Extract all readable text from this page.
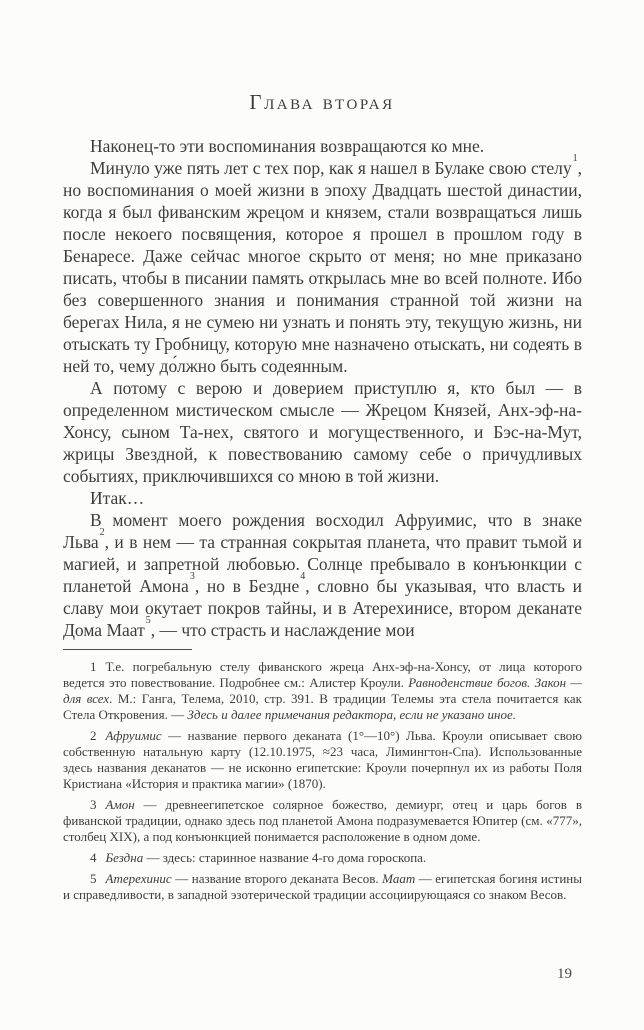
Глава вторая

Наконец-то эти воспоминания возвращаются ко мне.

Минуло уже пять лет с тех пор, как я нашел в Булаке свою стелу$^1$, но воспоминания о моей жизни в эпоху Двадцать шестой династии, когда я был фиванским жрецом и князем, стали возвращаться лишь после некоего посвящения, которое я прошел в прошлом году в Бенаресе. Даже сейчас многое скрыто от меня; но мне приказано писать, чтобы в писании память открылась мне во всей полноте. Ибо без совершенного знания и понимания странной той жизни на берегах Нила, я не сумею ни узнать и понять эту, текущую жизнь, ни отыскать ту Гробницу, которую мне назначено отыскать, ни содеять в ней то, чему до́лжно быть содеянным.

А потому с верою и доверием приступлю я, кто был — в определенном мистическом смысле — Жрецом Князей, Анх-эф-на-Хонсу, сыном Та-нех, святого и могущественного, и Бэс-на-Мут, жрицы Звездной, к повествованию самому себе о причудливых событиях, приключившихся со мною в той жизни.

Итак…

В момент моего рождения восходил Афруимис, что в знаке Льва$^2$, и в нем — та странная сокрытая планета, что правит тьмой и магией, и запретной любовью. Солнце пребывало в конъюнкции с планетой Амона$^3$, но в Бездне$^4$, словно бы указывая, что власть и славу мои окутает покров тайны, и в Атерехинисе, втором деканате Дома Маат$^5$, — что страсть и наслаждение мои

1 Т.е. погребальную стелу фиванского жреца Анх-эф-на-Хонсу, от лица которого ведется это повествование. Подробнее см.: Алистер Кроули. Равноденствие богов. Закон — для всех. М.: Ганга, Телема, 2010, стр. 391. В традиции Телемы эта стела почитается как Стела Откровения. — Здесь и далее примечания редактора, если не указано иное.

2 Афруимис — название первого деканата (1°—10°) Льва. Кроули описывает свою собственную натальную карту (12.10.1975, ≈23 часа, Лимингтон-Спа). Использованные здесь названия деканатов — не исконно египетские: Кроули почерпнул их из работы Поля Кристиана «История и практика магии» (1870).

3 Амон — древнеегипетское солярное божество, демиург, отец и царь богов в фиванской традиции, однако здесь под планетой Амона подразумевается Юпитер (см. «777», столбец XIX), а под конъюнкцией понимается расположение в одном доме.

4 Бездна — здесь: старинное название 4-го дома гороскопа.

5 Атерехинис — название второго деканата Весов. Маат — египетская богиня истины и справедливости, в западной эзотерической традиции ассоциирующаяся со знаком Весов.

19
